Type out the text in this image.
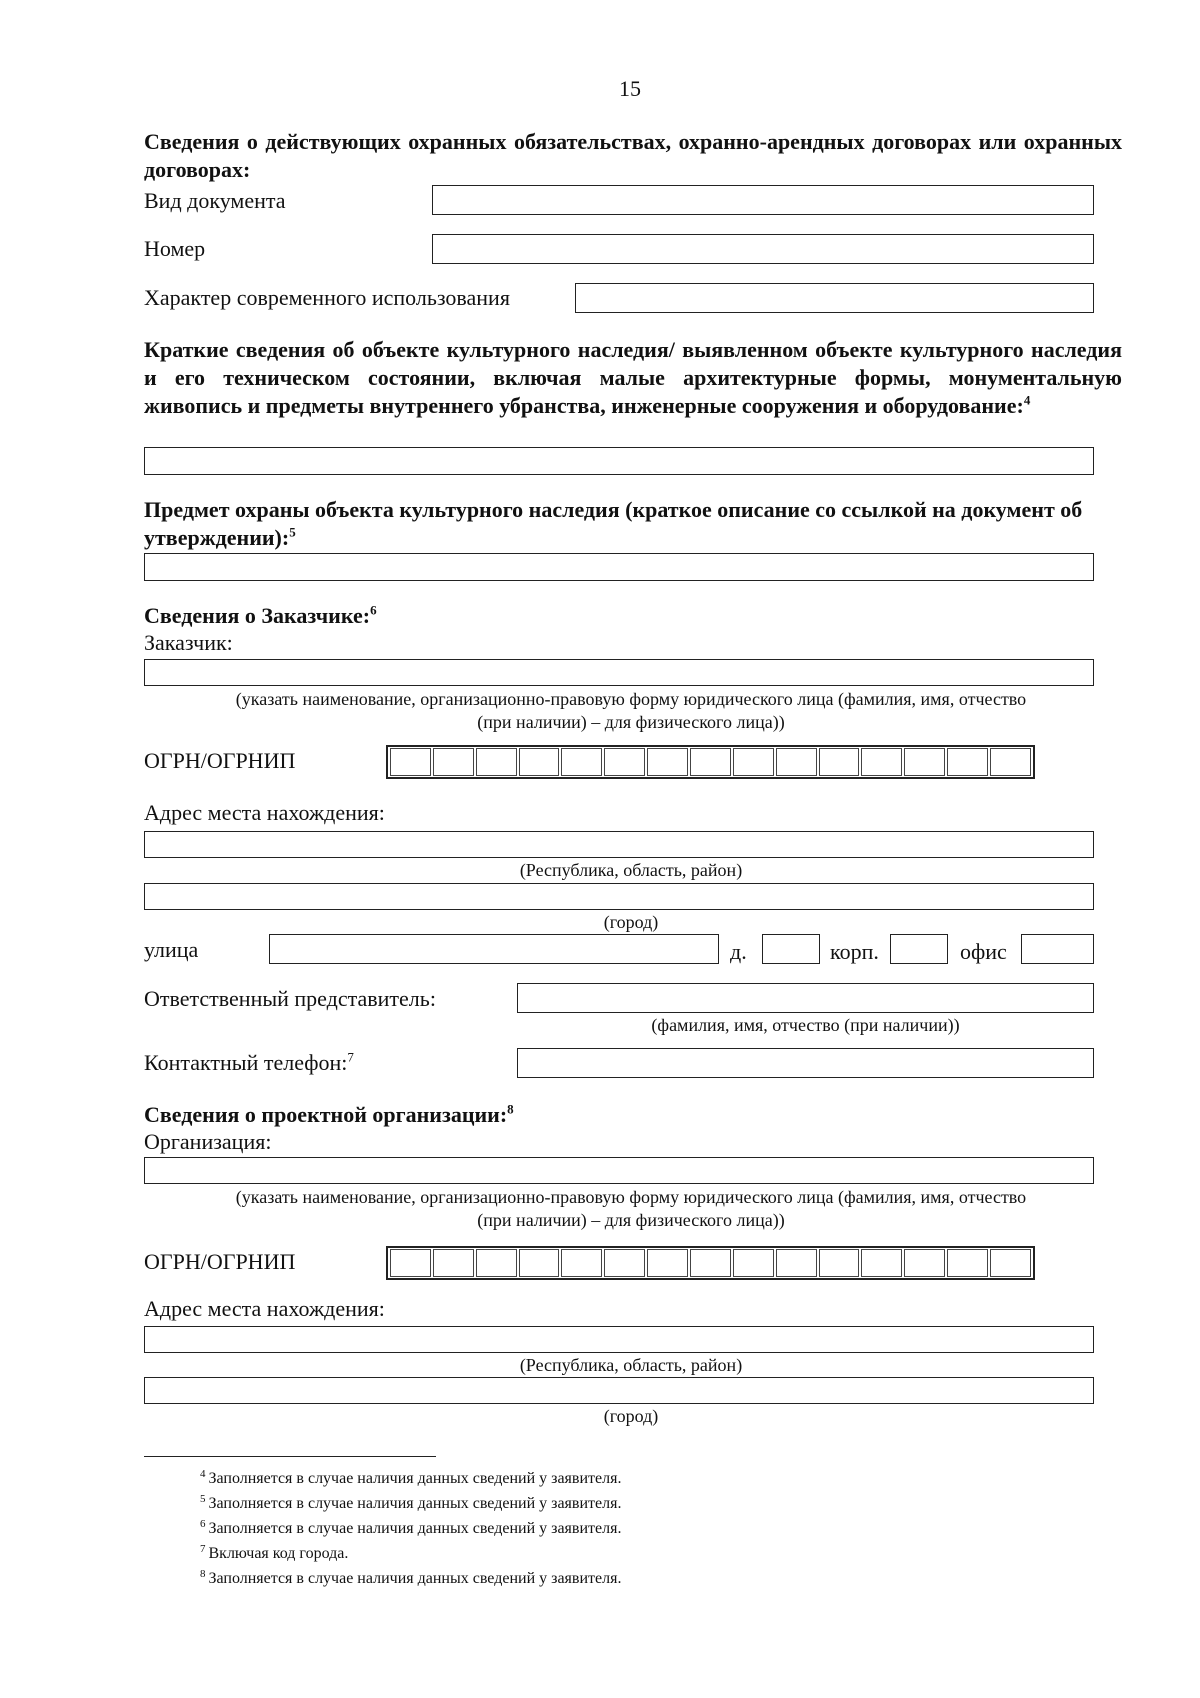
15
Сведения о действующих охранных обязательствах, охранно-арендных договорах или охранных договорах:
Вид документа
Номер
Характер современного использования
Краткие сведения об объекте культурного наследия/ выявленном объекте культурного наследия и его техническом состоянии, включая малые архитектурные формы, монументальную живопись и предметы внутреннего убранства, инженерные сооружения и оборудование:$^4$
Предмет охраны объекта культурного наследия (краткое описание со ссылкой на документ об утверждении):$^5$
Сведения о Заказчике:$^6$
Заказчик:
(указать наименование, организационно-правовую форму юридического лица (фамилия, имя, отчество
(при наличии) – для физического лица))
ОГРН/ОГРНИП
Адрес места нахождения:
(Республика, область, район)
(город)
улица	д.	корп.	офис
Ответственный представитель:
(фамилия, имя, отчество (при наличии))
Контактный телефон:$^7$
Сведения о проектной организации:$^8$
Организация:
(указать наименование, организационно-правовую форму юридического лица (фамилия, имя, отчество
(при наличии) – для физического лица))
ОГРН/ОГРНИП
Адрес места нахождения:
(Республика, область, район)
(город)
$^4$ Заполняется в случае наличия данных сведений у заявителя.
$^5$ Заполняется в случае наличия данных сведений у заявителя.
$^6$ Заполняется в случае наличия данных сведений у заявителя.
$^7$ Включая код города.
$^8$ Заполняется в случае наличия данных сведений у заявителя.
